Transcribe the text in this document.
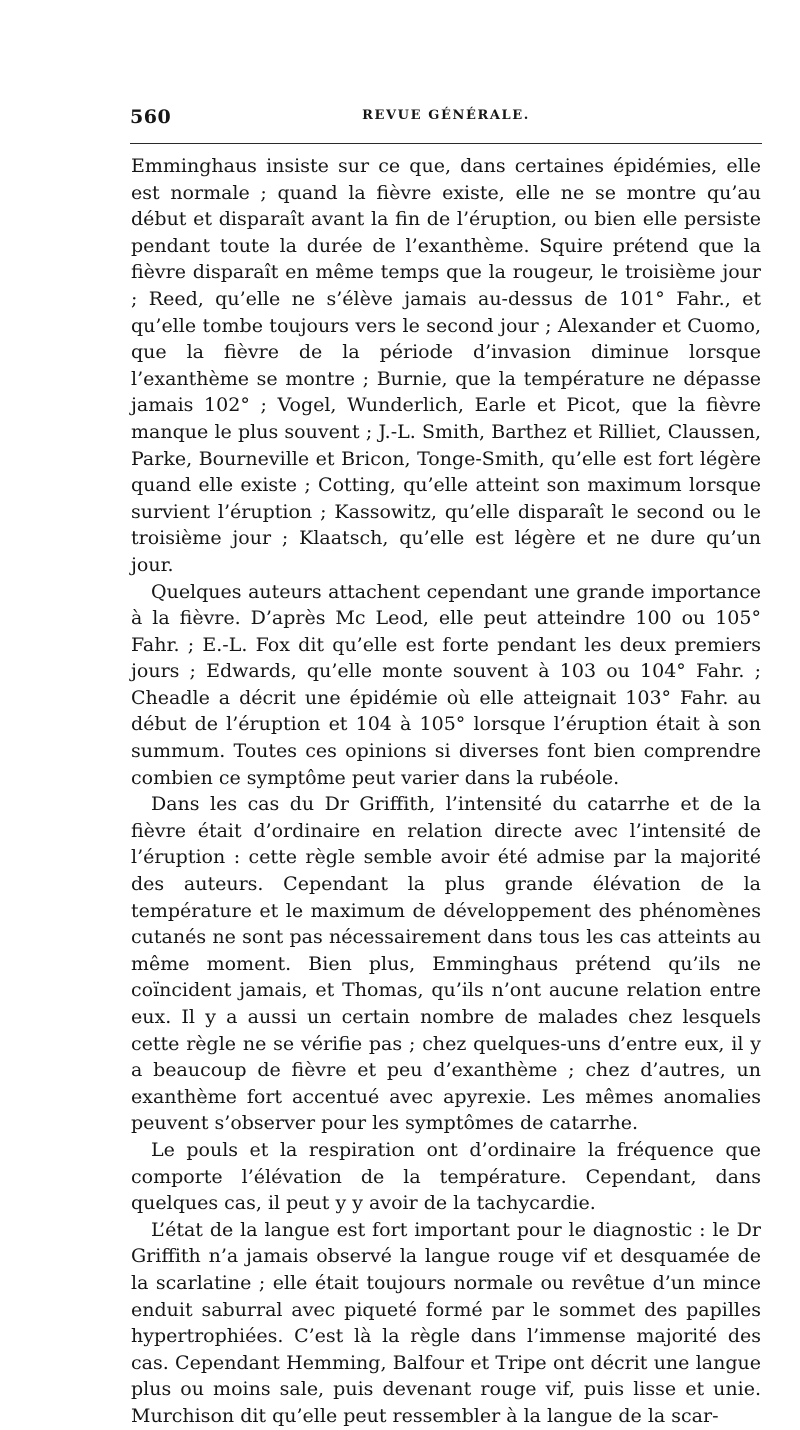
560	REVUE GÉNÉRALE.

Emminghaus insiste sur ce que, dans certaines épidémies, elle est normale ; quand la fièvre existe, elle ne se montre qu’au début et disparaît avant la fin de l’éruption, ou bien elle persiste pendant toute la durée de l’exanthème. Squire prétend que la fièvre disparaît en même temps que la rougeur, le troisième jour ; Reed, qu’elle ne s’élève jamais au-dessus de 101° Fahr., et qu’elle tombe toujours vers le second jour ; Alexander et Cuomo, que la fièvre de la période d’invasion diminue lorsque l’exanthème se montre ; Burnie, que la température ne dépasse jamais 102° ; Vogel, Wunderlich, Earle et Picot, que la fièvre manque le plus souvent ; J.-L. Smith, Barthez et Rilliet, Claussen, Parke, Bourneville et Bricon, Tonge-Smith, qu’elle est fort légère quand elle existe ; Cotting, qu’elle atteint son maximum lorsque survient l’éruption ; Kassowitz, qu’elle disparaît le second ou le troisième jour ; Klaatsch, qu’elle est légère et ne dure qu’un jour.

Quelques auteurs attachent cependant une grande importance à la fièvre. D’après Mc Leod, elle peut atteindre 100 ou 105° Fahr. ; E.-L. Fox dit qu’elle est forte pendant les deux premiers jours ; Edwards, qu’elle monte souvent à 103 ou 104° Fahr. ; Cheadle a décrit une épidémie où elle atteignait 103° Fahr. au début de l’éruption et 104 à 105° lorsque l’éruption était à son summum. Toutes ces opinions si diverses font bien comprendre combien ce symptôme peut varier dans la rubéole.

Dans les cas du Dr Griffith, l’intensité du catarrhe et de la fièvre était d’ordinaire en relation directe avec l’intensité de l’éruption : cette règle semble avoir été admise par la majorité des auteurs. Cependant la plus grande élévation de la température et le maximum de développement des phénomènes cutanés ne sont pas nécessairement dans tous les cas atteints au même moment. Bien plus, Emminghaus prétend qu’ils ne coïncident jamais, et Thomas, qu’ils n’ont aucune relation entre eux. Il y a aussi un certain nombre de malades chez lesquels cette règle ne se vérifie pas ; chez quelques-uns d’entre eux, il y a beaucoup de fièvre et peu d’exanthème ; chez d’autres, un exanthème fort accentué avec apyrexie. Les mêmes anomalies peuvent s’observer pour les symptômes de catarrhe.

Le pouls et la respiration ont d’ordinaire la fréquence que comporte l’élévation de la température. Cependant, dans quelques cas, il peut y y avoir de la tachycardie.

L’état de la langue est fort important pour le diagnostic : le Dr Griffith n’a jamais observé la langue rouge vif et desquamée de la scarlatine ; elle était toujours normale ou revêtue d’un mince enduit saburral avec piqueté formé par le sommet des papilles hypertrophiées. C’est là la règle dans l’immense majorité des cas. Cependant Hemming, Balfour et Tripe ont décrit une langue plus ou moins sale, puis devenant rouge vif, puis lisse et unie. Murchison dit qu’elle peut ressembler à la langue de la scar-
